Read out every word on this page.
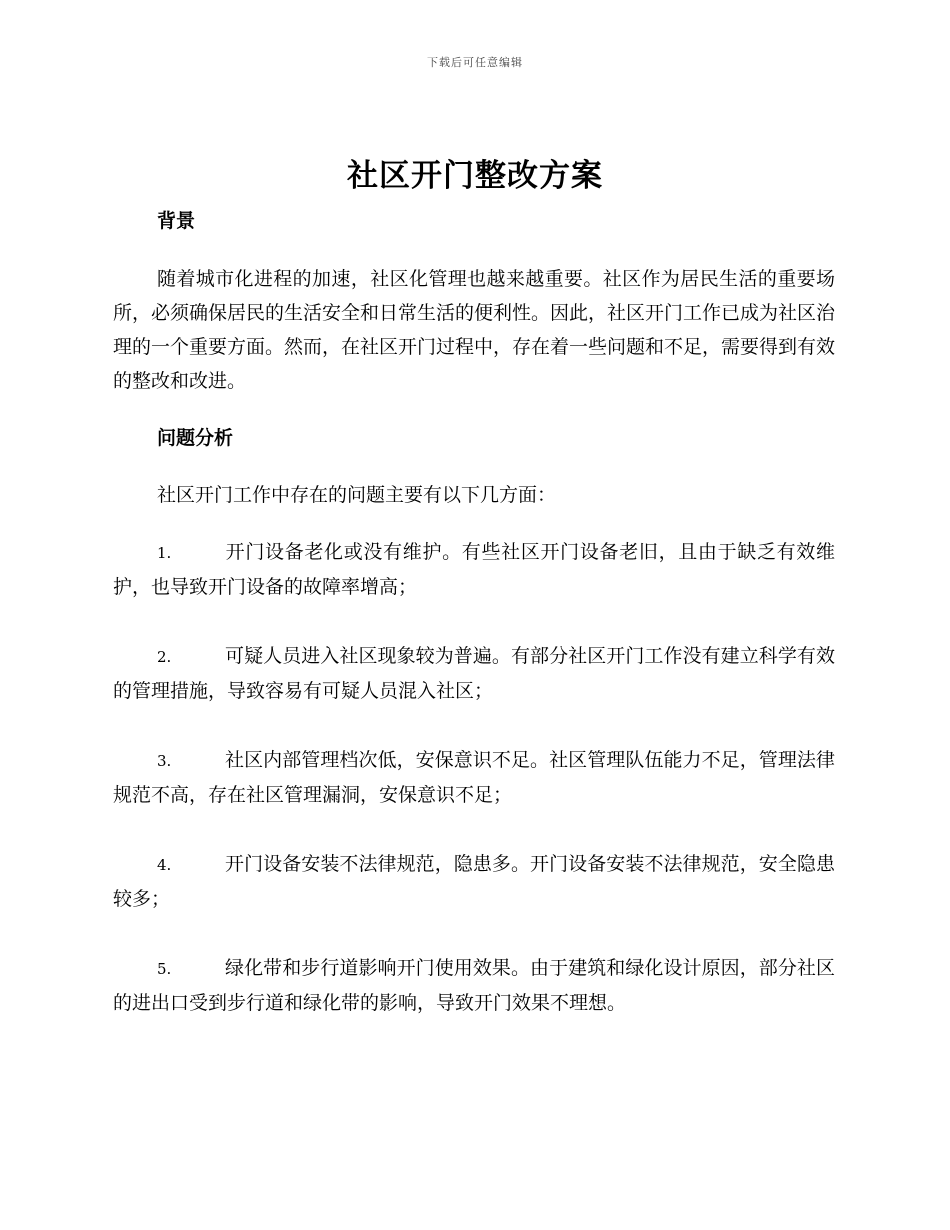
下载后可任意编辑
社区开门整改方案

背景

随着城市化进程的加速，社区化管理也越来越重要。社区作为居民生活的重要场所，必须确保居民的生活安全和日常生活的便利性。因此，社区开门工作已成为社区治理的一个重要方面。然而，在社区开门过程中，存在着一些问题和不足，需要得到有效的整改和改进。

问题分析

社区开门工作中存在的问题主要有以下几方面：

1.	开门设备老化或没有维护。有些社区开门设备老旧，且由于缺乏有效维护，也导致开门设备的故障率增高；

2.	可疑人员进入社区现象较为普遍。有部分社区开门工作没有建立科学有效的管理措施，导致容易有可疑人员混入社区；

3.	社区内部管理档次低，安保意识不足。社区管理队伍能力不足，管理法律规范不高，存在社区管理漏洞，安保意识不足；

4.	开门设备安装不法律规范，隐患多。开门设备安装不法律规范，安全隐患较多；

5.	绿化带和步行道影响开门使用效果。由于建筑和绿化设计原因，部分社区的进出口受到步行道和绿化带的影响，导致开门效果不理想。
